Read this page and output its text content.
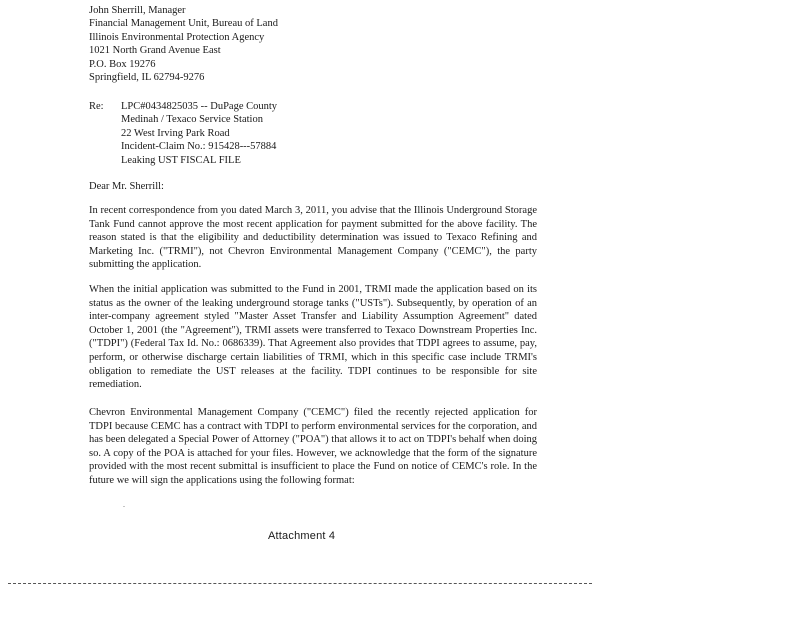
John Sherrill, Manager
Financial Management Unit, Bureau of Land
Illinois Environmental Protection Agency
1021 North Grand Avenue East
P.O. Box 19276
Springfield, IL 62794-9276
Re: LPC#0434825035 -- DuPage County
Medinah / Texaco Service Station
22 West Irving Park Road
Incident-Claim No.: 915428---57884
Leaking UST FISCAL FILE
Dear Mr. Sherrill:

In recent correspondence from you dated March 3, 2011, you advise that the Illinois Underground Storage Tank Fund cannot approve the most recent application for payment submitted for the above facility. The reason stated is that the eligibility and deductibility determination was issued to Texaco Refining and Marketing Inc. ("TRMI"), not Chevron Environmental Management Company ("CEMC"), the party submitting the application.

When the initial application was submitted to the Fund in 2001, TRMI made the application based on its status as the owner of the leaking underground storage tanks ("USTs"). Subsequently, by operation of an inter-company agreement styled "Master Asset Transfer and Liability Assumption Agreement" dated October 1, 2001 (the "Agreement"), TRMI assets were transferred to Texaco Downstream Properties Inc. ("TDPI") (Federal Tax Id. No.: 0686339). That Agreement also provides that TDPI agrees to assume, pay, perform, or otherwise discharge certain liabilities of TRMI, which in this specific case include TRMI's obligation to remediate the UST releases at the facility. TDPI continues to be responsible for site remediation.

Chevron Environmental Management Company ("CEMC") filed the recently rejected application for TDPI because CEMC has a contract with TDPI to perform environmental services for the corporation, and has been delegated a Special Power of Attorney ("POA") that allows it to act on TDPI's behalf when doing so. A copy of the POA is attached for your files. However, we acknowledge that the form of the signature provided with the most recent submittal is insufficient to place the Fund on notice of CEMC's role. In the future we will sign the applications using the following format:

.
Attachment 4
